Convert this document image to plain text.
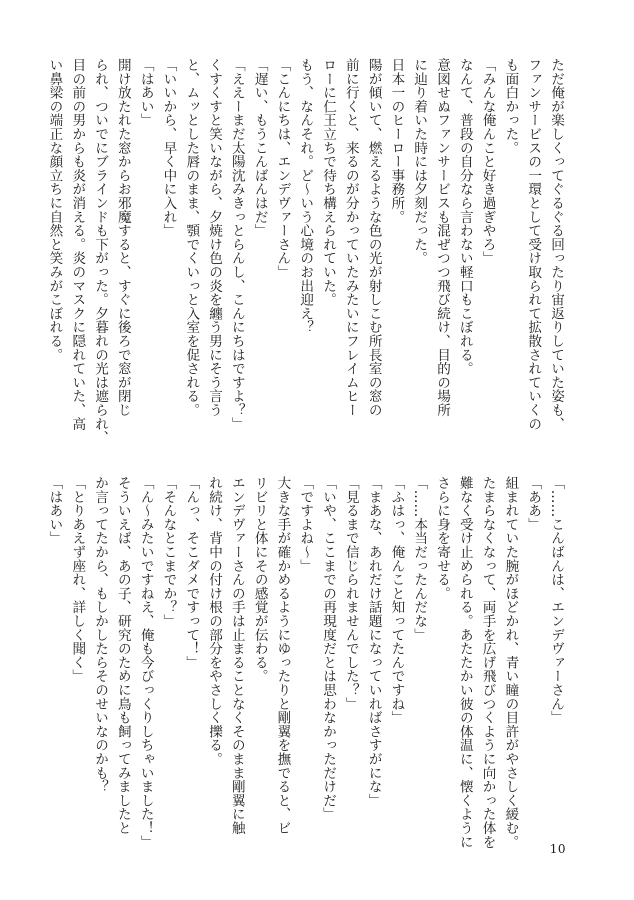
ただ俺が楽しくってぐるぐる回ったり宙返りしていた姿も、
ファンサービスの一環として受け取られて拡散されていくの
も面白かった。
「みんな俺んこと好き過ぎやろ」
なんて、普段の自分なら言わない軽口もこぼれる。
意図せぬファンサービスも混ぜつつ飛び続け、目的の場所
に辿り着いた時には夕刻だった。
日本一のヒーロー事務所。
陽が傾いて、燃えるような色の光が射しこむ所長室の窓の
前に行くと、来るのが分かっていたみたいにフレイムヒー
ローに仁王立ちで待ち構えられていた。
もう、なんそれ。ど～いう心境のお出迎え？
「こんにちは、エンデヴァーさん」
「遅い、もうこんばんはだ」
「ええーまだ太陽沈みきっとらんし、こんにちはですよ？」
くすくすと笑いながら、夕焼け色の炎を纏う男にそう言う
と、ムッとした唇のまま、顎でくいっと入室を促される。
「いいから、早く中に入れ」
「はあい」
開け放たれた窓からお邪魔すると、すぐに後ろで窓が閉じ
られ、ついでにブラインドも下がった。夕暮れの光は遮られ、
目の前の男からも炎が消える。炎のマスクに隠れていた、高
い鼻梁の端正な顔立ちに自然と笑みがこぼれる。
「……こんばんは、エンデヴァーさん」
「ああ」
組まれていた腕がほどかれ、青い瞳の目許がやさしく緩む。
たまらなくなって、両手を広げ飛びつくように向かった体を
難なく受け止められる。あたたかい彼の体温に、懐くように
さらに身を寄せる。
「……本当だったんだな」
「ふはっ、俺んこと知ってたんですね」
「まあな、あれだけ話題になっていればさすがにな」
「見るまで信じられませんでした？」
「いや、ここまでの再現度だとは思わなかっただけだ」
「ですよね～」
大きな手が確かめるようにゆったりと剛翼を撫でると、ビ
リビリと体にその感覚が伝わる。
エンデヴァーさんの手は止まることなくそのまま剛翼に触
れ続け、背中の付け根の部分をやさしく擽る。
「んっ、そこダメですって！」
「そんなとこまでか？」
「ん～みたいですねえ、俺も今びっくりしちゃいました！」
そういえば、あの子、研究のために鳥も飼ってみましたと
か言ってたから、もしかしたらそのせいなのかも？
「とりあえず座れ、詳しく聞く」
「はあい」
10
